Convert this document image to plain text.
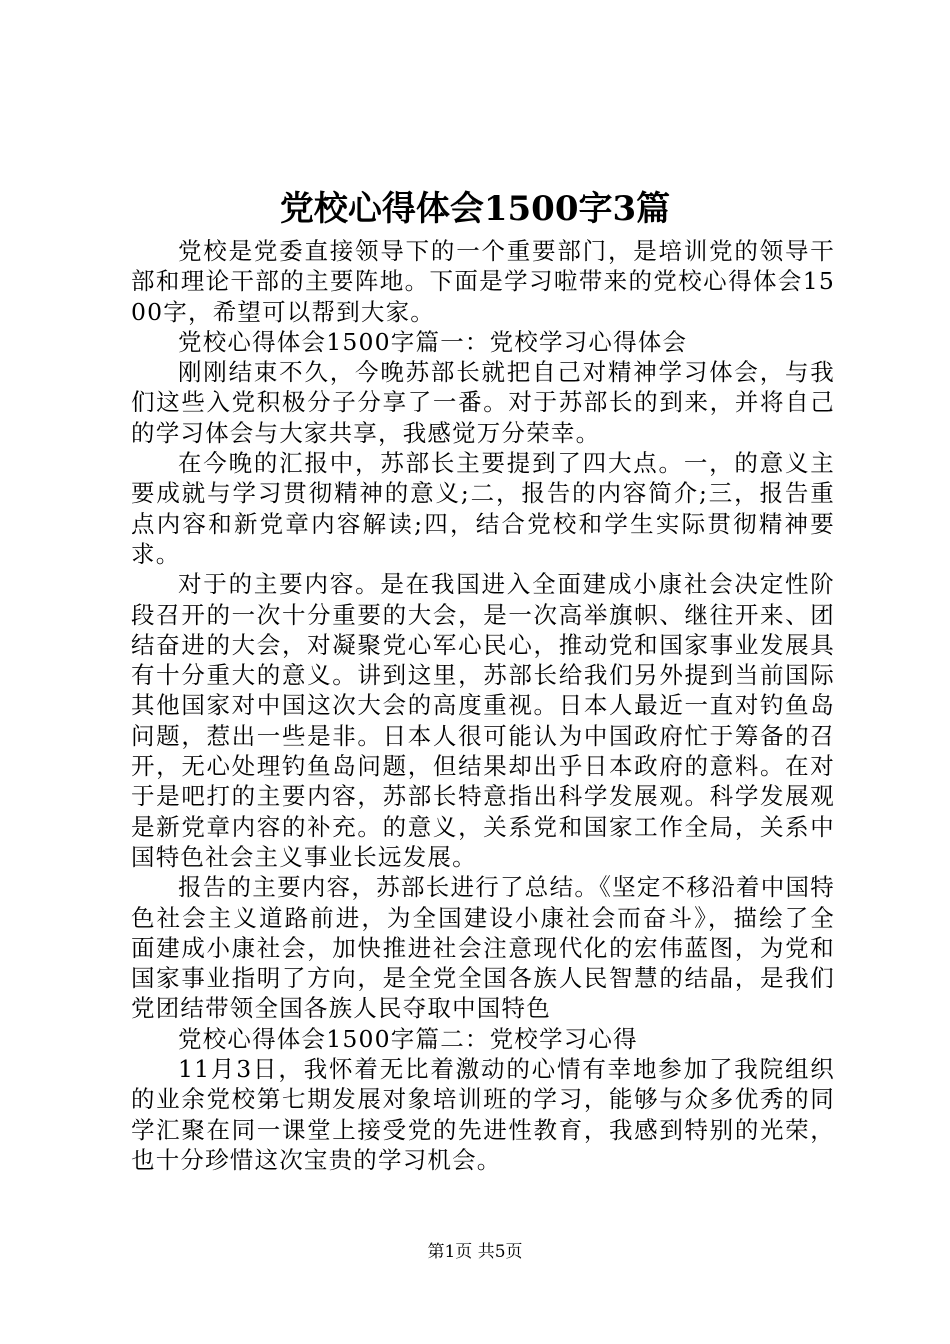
党校心得体会1500字3篇

党校是党委直接领导下的一个重要部门，是培训党的领导干部和理论干部的主要阵地。下面是学习啦带来的党校心得体会1500字，希望可以帮到大家。

党校心得体会1500字篇一：党校学习心得体会

刚刚结束不久，今晚苏部长就把自己对精神学习体会，与我们这些入党积极分子分享了一番。对于苏部长的到来，并将自己的学习体会与大家共享，我感觉万分荣幸。

在今晚的汇报中，苏部长主要提到了四大点。一，的意义主要成就与学习贯彻精神的意义;二，报告的内容简介;三，报告重点内容和新党章内容解读;四，结合党校和学生实际贯彻精神要求。

对于的主要内容。是在我国进入全面建成小康社会决定性阶段召开的一次十分重要的大会，是一次高举旗帜、继往开来、团结奋进的大会，对凝聚党心军心民心，推动党和国家事业发展具有十分重大的意义。讲到这里，苏部长给我们另外提到当前国际其他国家对中国这次大会的高度重视。日本人最近一直对钓鱼岛问题，惹出一些是非。日本人很可能认为中国政府忙于筹备的召开，无心处理钓鱼岛问题，但结果却出乎日本政府的意料。在对于是吧打的主要内容，苏部长特意指出科学发展观。科学发展观是新党章内容的补充。的意义，关系党和国家工作全局，关系中国特色社会主义事业长远发展。

报告的主要内容，苏部长进行了总结。《坚定不移沿着中国特色社会主义道路前进，为全国建设小康社会而奋斗》，描绘了全面建成小康社会，加快推进社会注意现代化的宏伟蓝图，为党和国家事业指明了方向，是全党全国各族人民智慧的结晶，是我们党团结带领全国各族人民夺取中国特色

党校心得体会1500字篇二：党校学习心得

11月3日，我怀着无比着激动的心情有幸地参加了我院组织的业余党校第七期发展对象培训班的学习，能够与众多优秀的同学汇聚在同一课堂上接受党的先进性教育，我感到特别的光荣，也十分珍惜这次宝贵的学习机会。

第1页 共5页
